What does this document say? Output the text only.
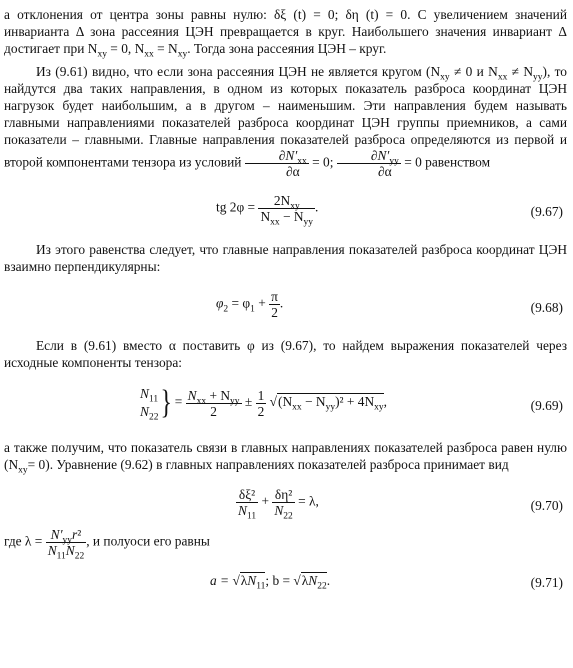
а отклонения от центра зоны равны нулю: δξ (t) = 0; δη (t) = 0. С увеличением значений инварианта Δ зона рассеяния ЦЭН превращается в круг. Наибольшего значения инвариант Δ достигает при $N_{xy} = 0$, $N_{xx} = N_{xy}$. Тогда зона рассеяния ЦЭН – круг.

Из (9.61) видно, что если зона рассеяния ЦЭН не является кругом ($N_{xy} \ne 0$ и $N_{xx} \ne N_{yy}$), то найдутся два таких направления, в одном из которых показатель разброса координат ЦЭН нагрузок будет наибольшим, а в другом – наименьшим. Эти направления будем называть главными направлениями показателей разброса координат ЦЭН группы приемников, а сами показатели – главными. Главные направления показателей разброса определяются из первой и второй компонентами тензора из условий $\frac{\partial N'_{xx}}{\partial\alpha} = 0$; $\frac{\partial N'_{yy}}{\partial\alpha} = 0$ равенством

tg $2\varphi = \frac{2N_{xy}}{N_{xx} - N_{yy}}$ .	(9.67)

Из этого равенства следует, что главные направления показателей разброса координат ЦЭН взаимно перпендикулярны:

$\varphi_2 = \varphi_1 + \frac{\pi}{2}$ .	(9.68)

Если в (9.61) вместо α поставить φ из (9.67), то найдем выражения показателей через исходные компоненты тензора:

$N_{11}$
$N_{22}\} = \frac{N_{xx} + N_{yy}}{2} \pm \frac{1}{2} √(N_{xx} - N_{yy})^2 + 4N_{xy}$,	(9.69)

а также получим, что показатель связи в главных направлениях показателей разброса равен нулю $(N_{xy}= 0)$. Уравнение (9.62) в главных направлениях показателей разброса принимает вид

$\frac{\text{δξ²}}{N_{11}} + \frac{\text{δη²}}{N_{22}} = \lambda$,	(9.70)

где $\lambda = \frac{N'_{yy}r^2}{N_{11}N_{22}}$ , и полуоси его равны

$a = √\lambda N_{11}$; $b = √\lambda N_{22}$.	(9.71)
